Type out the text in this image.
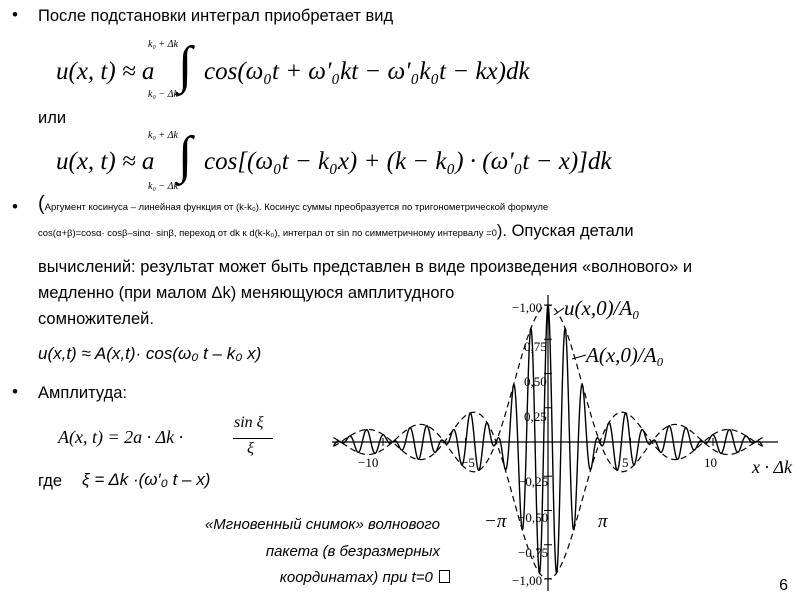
• После подстановки интеграл приобретает вид
u(x, t) ≈ a ∫
k₀ + Δk
k₀ − Δk
cos(ω₀t + ω′₀kt − ω′₀k₀t − kx)dk
или
u(x, t) ≈ a ∫
k₀ + Δk
k₀ − Δk
cos[(ω₀t − k₀x) + (k − k₀) · (ω′₀t − x)]dk
• (Аргумент косинуса – линейная функция от (k-k₀). Косинус суммы преобразуется по тригонометрической формуле
cos(α+β)=cosα· cosβ–sinα· sinβ, переход от dk к d(k-k₀), интеграл от sin по симметричному интервалу =0). Опуская детали
вычислений: результат может быть представлен в виде произведения «волнового» и
медленно (при малом Δk) меняющуюся амплитудного
сомножителей.
u(x,t) ≈ A(x,t)· cos(ω₀ t – k₀ x)
• Амплитуда:
A(x, t) = 2a · Δk ·
sin ξ
ξ
где ξ = Δk ·(ω′₀ t – x)
«Мгновенный снимок» волнового
пакета (в безразмерных
координатах) при t=0
−1,00
0,75
0,50
0,25
−0,25
−0,50
−0,75
−1,00
−10	−5	5	10
−π	π
u(x,0)/A₀
A(x,0)/A₀
x · Δk
6
